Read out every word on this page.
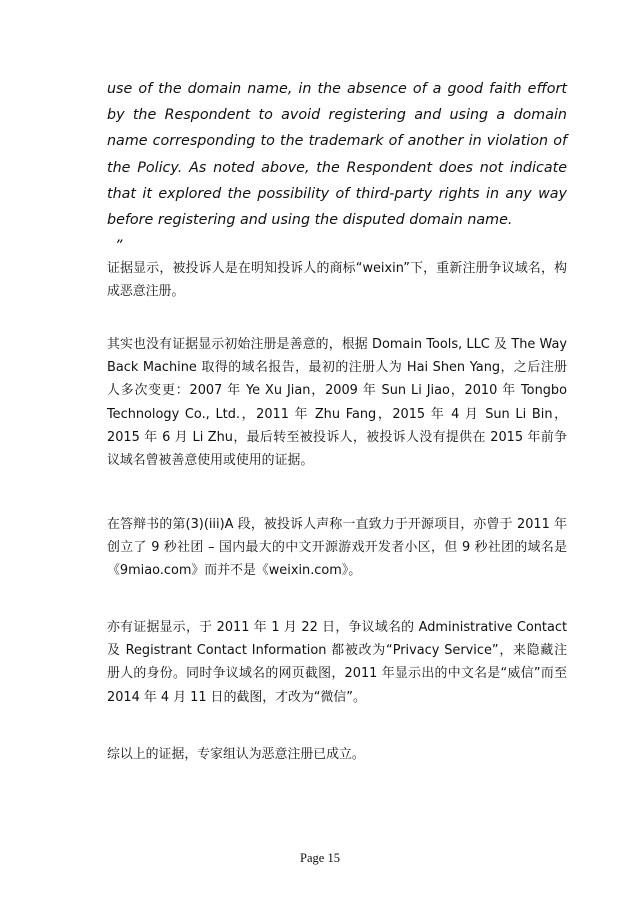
use of the domain name, in the absence of a good faith effort by the Respondent to avoid registering and using a domain name corresponding to the trademark of another in violation of the Policy. As noted above, the Respondent does not indicate that it explored the possibility of third-party rights in any way before registering and using the disputed domain name.
”

证据显示，被投诉人是在明知投诉人的商标“weixin”下，重新注册争议域名，构成恶意注册。

其实也没有证据显示初始注册是善意的，根据 Domain Tools, LLC 及 The Way Back Machine 取得的域名报告，最初的注册人为 Hai Shen Yang，之后注册人多次变更：2007 年 Ye Xu Jian，2009 年 Sun Li Jiao，2010 年 Tongbo Technology Co., Ltd.，2011 年 Zhu Fang，2015 年 4 月 Sun Li Bin，2015 年 6 月 Li Zhu，最后转至被投诉人，被投诉人没有提供在 2015 年前争议域名曾被善意使用或使用的证据。

在答辩书的第(3)(iii)A 段，被投诉人声称一直致力于开源项目，亦曾于 2011 年创立了 9 秒社团 – 国内最大的中文开源游戏开发者小区，但 9 秒社团的域名是《9miao.com》而并不是《weixin.com》。

亦有证据显示，于 2011 年 1 月 22 日，争议域名的 Administrative Contact 及 Registrant Contact Information 都被改为“Privacy Service”，来隐藏注册人的身份。同时争议域名的网页截图，2011 年显示出的中文名是“威信”而至 2014 年 4 月 11 日的截图，才改为“微信”。

综以上的证据，专家组认为恶意注册已成立。

Page 15
